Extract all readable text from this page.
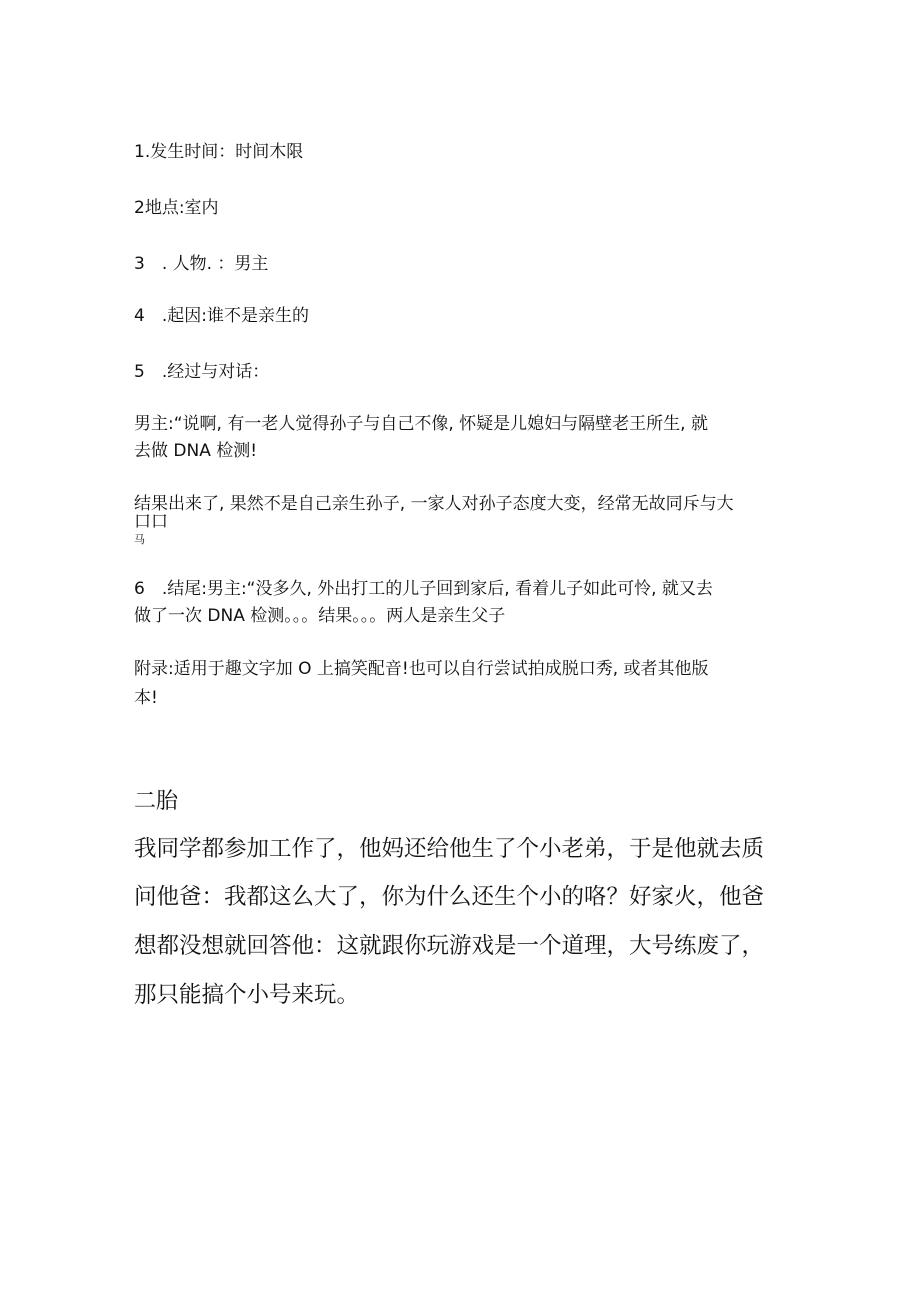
1.发生时间：时间木限
2地点:室内
3　. 人物. ：男主
4　.起因:谁不是亲生的
5　.经过与对话：
男主:“说啊, 有一老人觉得孙子与自己不像, 怀疑是儿媳妇与隔壁老王所生, 就
去做 DNA 检测!
结果出来了, 果然不是自己亲生孙子, 一家人对孙子态度大变，经常无故同斥与大
口口
马
6　.结尾:男主:“没多久, 外出打工的儿子回到家后, 看着儿子如此可怜, 就又去
做了一次 DNA 检测。。。结果。。。两人是亲生父子
附录:适用于趣文字加 O 上搞笑配音!也可以自行尝试拍成脱口秀, 或者其他版
本!
二胎
我同学都参加工作了，他妈还给他生了个小老弟，于是他就去质
问他爸：我都这么大了，你为什么还生个小的咯？好家火，他爸
想都没想就回答他：这就跟你玩游戏是一个道理，大号练废了，
那只能搞个小号来玩。
